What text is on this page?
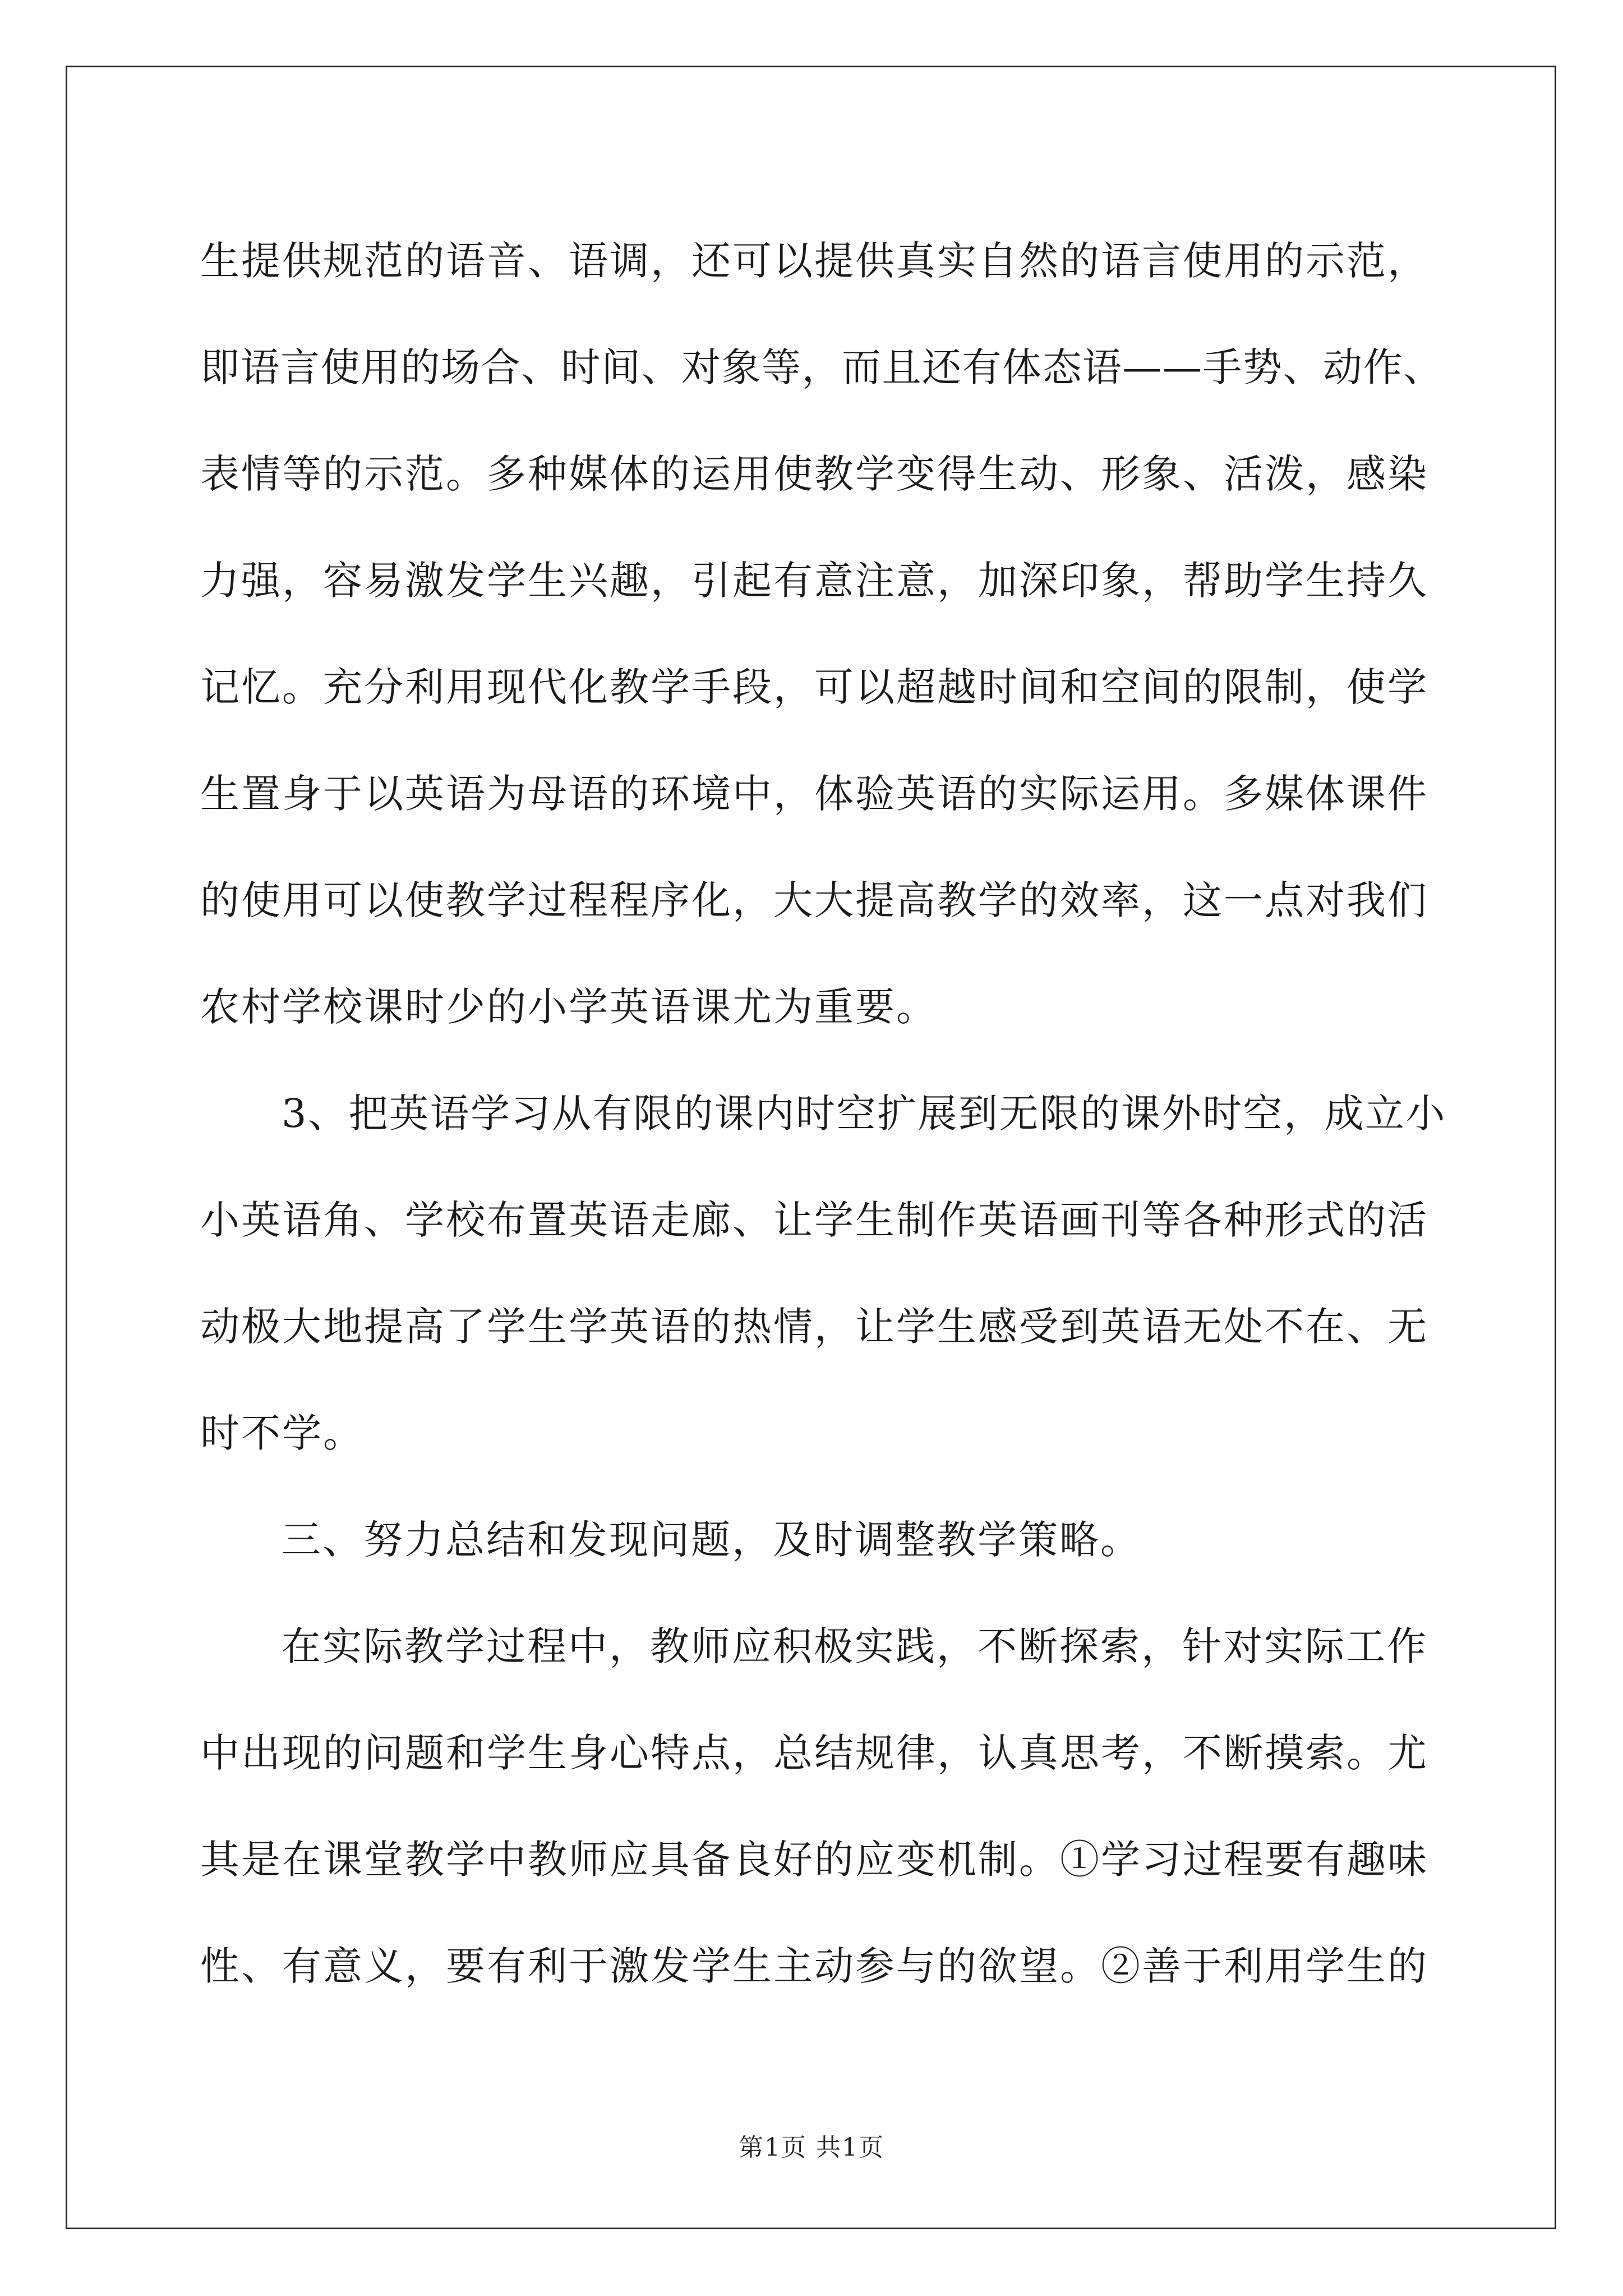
生提供规范的语音、语调，还可以提供真实自然的语言使用的示范，
即语言使用的场合、时间、对象等，而且还有体态语——手势、动作、
表情等的示范。多种媒体的运用使教学变得生动、形象、活泼，感染
力强，容易激发学生兴趣，引起有意注意，加深印象，帮助学生持久
记忆。充分利用现代化教学手段，可以超越时间和空间的限制，使学
生置身于以英语为母语的环境中，体验英语的实际运用。多媒体课件
的使用可以使教学过程程序化，大大提高教学的效率，这一点对我们
农村学校课时少的小学英语课尤为重要。
3、把英语学习从有限的课内时空扩展到无限的课外时空，成立小
小英语角、学校布置英语走廊、让学生制作英语画刊等各种形式的活
动极大地提高了学生学英语的热情，让学生感受到英语无处不在、无
时不学。
三、努力总结和发现问题，及时调整教学策略。
在实际教学过程中，教师应积极实践，不断探索，针对实际工作
中出现的问题和学生身心特点，总结规律，认真思考，不断摸索。尤
其是在课堂教学中教师应具备良好的应变机制。①学习过程要有趣味
性、有意义，要有利于激发学生主动参与的欲望。②善于利用学生的

第1页 共1页
